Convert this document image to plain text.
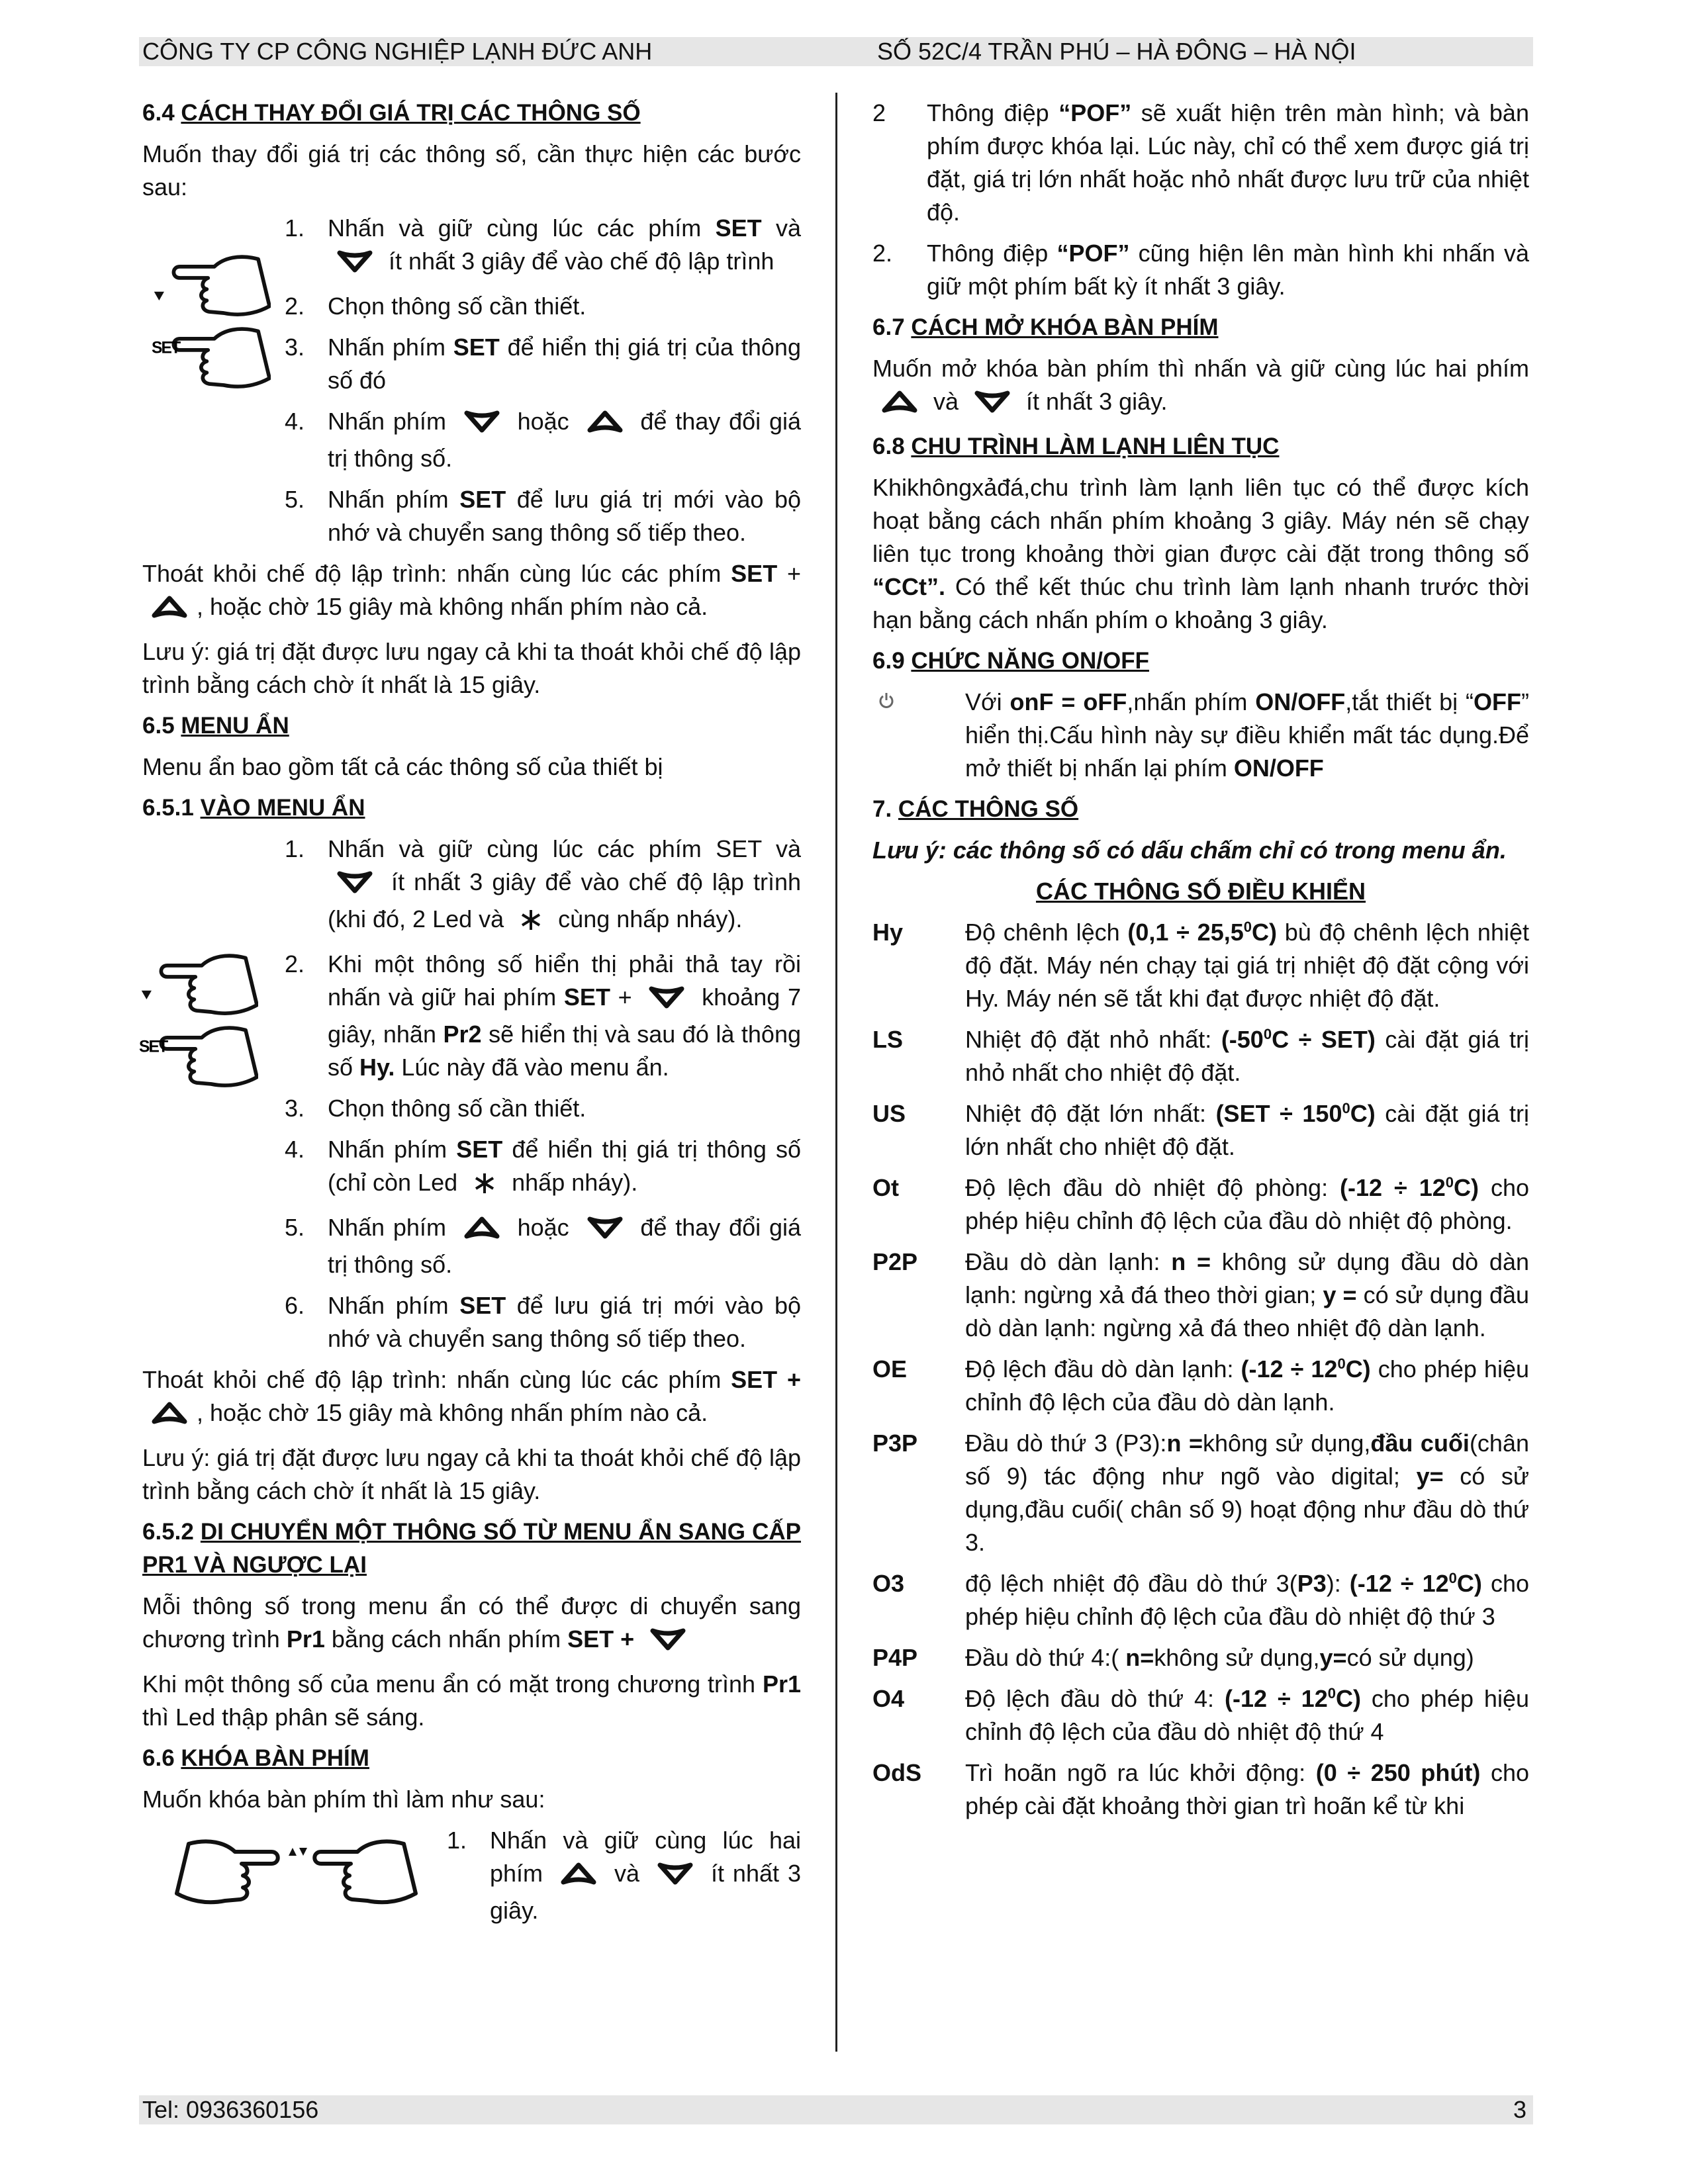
CÔNG TY CP CÔNG NGHIỆP LẠNH ĐỨC ANH	SỐ 52C/4 TRẦN PHÚ – HÀ ĐÔNG – HÀ NỘI
6.4 CÁCH THAY ĐỔI GIÁ TRỊ CÁC THÔNG SỐ
Muốn thay đổi giá trị các thông số, cần thực hiện các bước sau:
1. Nhấn và giữ cùng lúc các phím SET và  ít nhất 3 giây để vào chế độ lập trình
SET
2. Chọn thông số cần thiết.
3. Nhấn phím SET để hiển thị giá trị của thông số đó
4. Nhấn phím  hoặc  để thay đổi giá trị thông số.
5. Nhấn phím SET để lưu giá trị mới vào bộ nhớ và chuyển sang thông số tiếp theo.
Thoát khỏi chế độ lập trình: nhấn cùng lúc các phím SET + , hoặc chờ 15 giây mà không nhấn phím nào cả.
Lưu ý: giá trị đặt được lưu ngay cả khi ta thoát khỏi chế độ lập trình bằng cách chờ ít nhất là 15 giây.
6.5 MENU ẨN
Menu ẩn bao gồm tất cả các thông số của thiết bị
6.5.1 VÀO MENU ẨN
1. Nhấn và giữ cùng lúc các phím SET và  ít nhất 3 giây để vào chế độ lập trình (khi đó, 2 Led và  cùng nhấp nháy).
2. Khi một thông số hiển thị phải thả tay rồi nhấn và giữ hai phím SET +  khoảng 7 giây, nhãn Pr2 sẽ hiển thị và sau đó là thông số Hy. Lúc này đã vào menu ẩn.
SET
3. Chọn thông số cần thiết.
4. Nhấn phím SET để hiển thị giá trị thông số (chỉ còn Led  nhấp nháy).
5. Nhấn phím  hoặc  để thay đổi giá trị thông số.
6. Nhấn phím SET để lưu giá trị mới vào bộ nhớ và chuyển sang thông số tiếp theo.
Thoát khỏi chế độ lập trình: nhấn cùng lúc các phím SET + , hoặc chờ 15 giây mà không nhấn phím nào cả.
Lưu ý: giá trị đặt được lưu ngay cả khi ta thoát khỏi chế độ lập trình bằng cách chờ ít nhất là 15 giây.
6.5.2 DI CHUYỂN MỘT THÔNG SỐ TỪ MENU ẨN SANG CẤP PR1 VÀ NGƯỢC LẠI
Mỗi thông số trong menu ẩn có thể được di chuyển sang chương trình Pr1 bằng cách nhấn phím SET +
Khi một thông số của menu ẩn có mặt trong chương trình Pr1 thì Led thập phân sẽ sáng.
6.6 KHÓA BÀN PHÍM
Muốn khóa bàn phím thì làm như sau:
1. Nhấn và giữ cùng lúc hai phím  và  ít nhất 3 giây.
2 Thông điệp “POF” sẽ xuất hiện trên màn hình; và bàn phím được khóa lại. Lúc này, chỉ có thể xem được giá trị đặt, giá trị lớn nhất hoặc nhỏ nhất được lưu trữ của nhiệt độ.
2. Thông điệp “POF” cũng hiện lên màn hình khi nhấn và giữ một phím bất kỳ ít nhất 3 giây.
6.7 CÁCH MỞ KHÓA BÀN PHÍM
Muốn mở khóa bàn phím thì nhấn và giữ cùng lúc hai phím  và  ít nhất 3 giây.
6.8 CHU TRÌNH LÀM LẠNH LIÊN TỤC
Khikhôngxảđá,chu trình làm lạnh liên tục có thể được kích hoạt bằng cách nhấn phím khoảng 3 giây. Máy nén sẽ chạy liên tục trong khoảng thời gian được cài đặt trong thông số “CCt”. Có thể kết thúc chu trình làm lạnh nhanh trước thời hạn bằng cách nhấn phím o khoảng 3 giây.
6.9 CHỨC NĂNG ON/OFF
Với onF = oFF,nhấn phím ON/OFF,tắt thiết bị “OFF” hiển thị.Cấu hình này sự điều khiển mất tác dụng.Để mở thiết bị nhấn lại phím ON/OFF
7. CÁC THÔNG SỐ
Lưu ý: các thông số có dấu chấm chỉ có trong menu ẩn.
CÁC THÔNG SỐ ĐIỀU KHIỂN
Hy	Độ chênh lệch $(0,1 \div 25,5^0C)$ bù độ chênh lệch nhiệt độ đặt. Máy nén chạy tại giá trị nhiệt độ đặt cộng với Hy. Máy nén sẽ tắt khi đạt được nhiệt độ đặt.
LS	Nhiệt độ đặt nhỏ nhất: $(-50^0C \div SET)$ cài đặt giá trị nhỏ nhất cho nhiệt độ đặt.
US Nhiệt độ đặt lớn nhất: $(SET \div 150^0C)$ cài đặt giá trị lớn nhất cho nhiệt độ đặt.
Ot	Độ lệch đầu dò nhiệt độ phòng: $(-12 \div 12^0C)$ cho phép hiệu chỉnh độ lệch của đầu dò nhiệt độ phòng.
P2P Đầu dò dàn lạnh: n = không sử dụng đầu dò dàn lạnh: ngừng xả đá theo thời gian; y = có sử dụng đầu dò dàn lạnh: ngừng xả đá theo nhiệt độ dàn lạnh.
OE Độ lệch đầu dò dàn lạnh: $(-12 \div 12^0C)$ cho phép hiệu chỉnh độ lệch của đầu dò dàn lạnh.
P3P Đầu dò thứ 3 (P3):n =không sử dụng,đầu cuối(chân số 9) tác động như ngõ vào digital; y= có sử dụng,đầu cuối( chân số 9) hoạt động như đầu dò thứ 3.
O3	độ lệch nhiệt độ đầu dò thứ 3(P3): $(-12 \div 12^0C)$ cho phép hiệu chỉnh độ lệch của đầu dò nhiệt độ thứ 3
P4P Đầu dò thứ 4:( n=không sử dụng,y=có sử dụng)
O4	Độ lệch đầu dò thứ 4: $(-12 \div 12^0C)$ cho phép hiệu chỉnh độ lệch của đầu dò nhiệt độ thứ 4
OdS Trì hoãn ngõ ra lúc khởi động: (0 ÷ 250 phút) cho phép cài đặt khoảng thời gian trì hoãn kể từ khi
Tel: 0936360156	3
